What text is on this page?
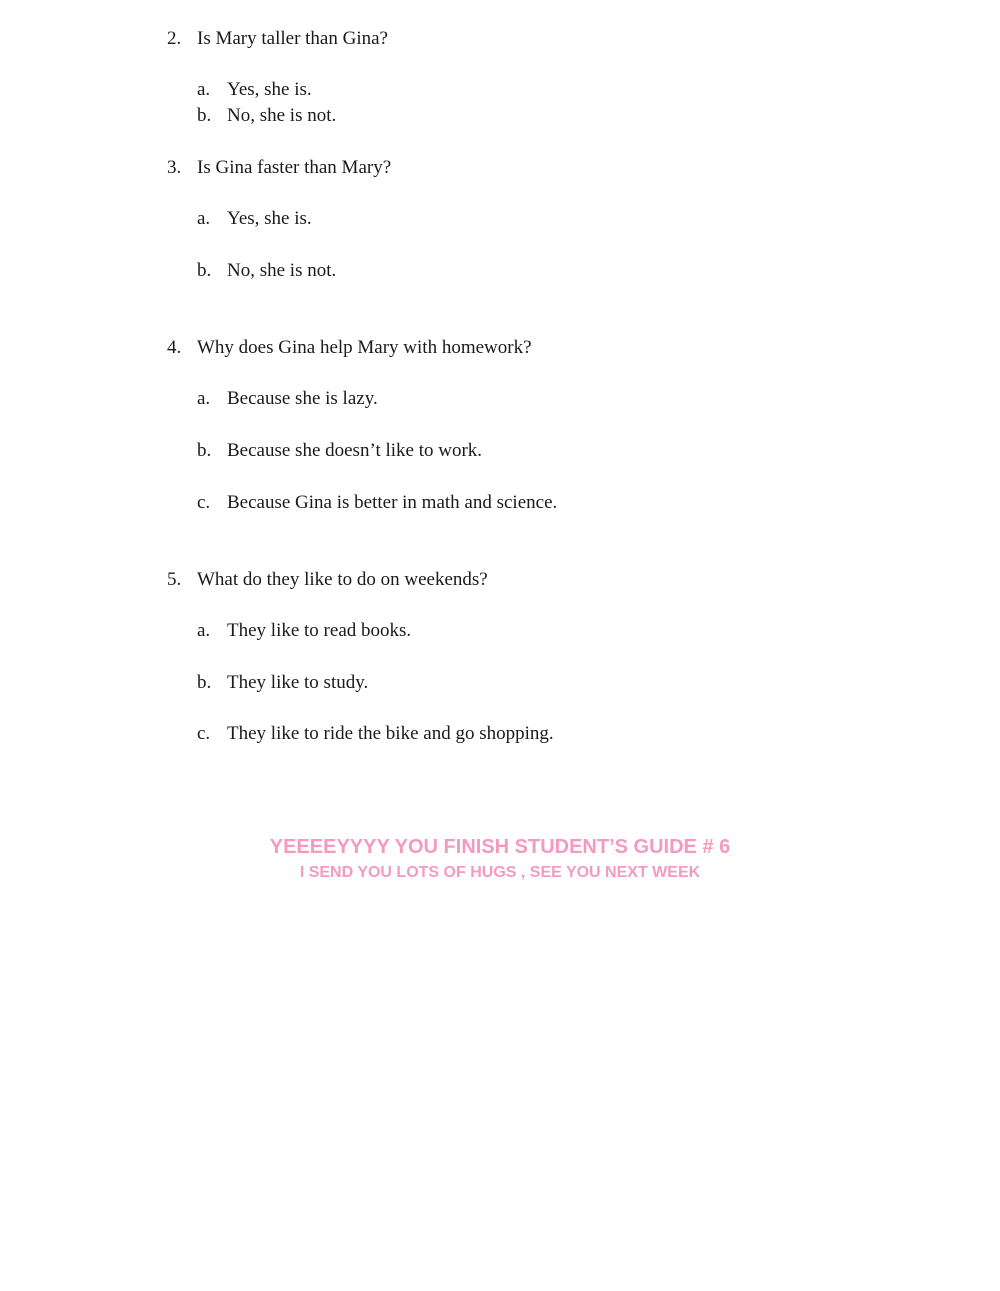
2. Is Mary taller than Gina?
a. Yes, she is.
b. No, she is not.
3. Is Gina faster than Mary?
a. Yes, she is.
b. No, she is not.
4. Why does Gina help Mary with homework?
a. Because she is lazy.
b. Because she doesn’t like to work.
c. Because Gina is better in math and science.
5. What do they like to do on weekends?
a. They like to read books.
b. They like to study.
c. They like to ride the bike and go shopping.
YEEEEYYYY YOU FINISH STUDENT’S GUIDE # 6
I SEND YOU LOTS OF HUGS , SEE YOU NEXT WEEK
